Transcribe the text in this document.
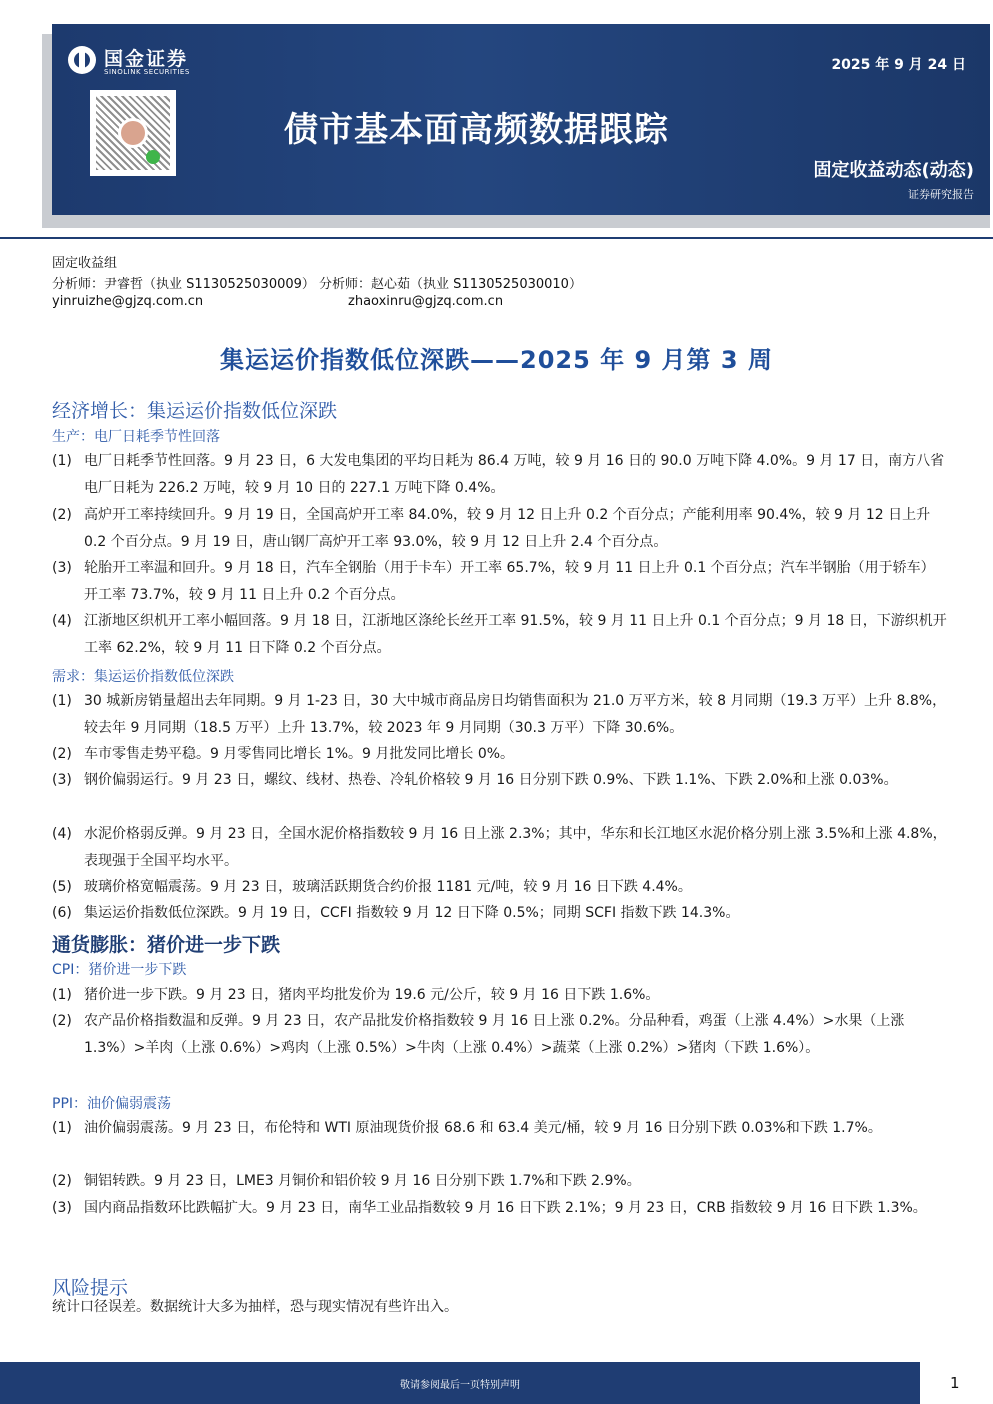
国金证券
SINOLINK SECURITIES	2025 年 9 月 24 日
债市基本面高频数据跟踪
固定收益动态(动态)
证券研究报告
固定收益组
分析师：尹睿哲（执业 S1130525030009） 分析师：赵心茹（执业 S1130525030010）
yinruizhe@gjzq.com.cn	zhaoxinru@gjzq.com.cn
集运运价指数低位深跌——2025 年 9 月第 3 周
经济增长：集运运价指数低位深跌
生产：电厂日耗季节性回落
(1) 电厂日耗季节性回落。9 月 23 日，6 大发电集团的平均日耗为 86.4 万吨，较 9 月 16 日的 90.0 万吨下降 4.0%。9 月 17 日，南方八省电厂日耗为 226.2 万吨，较 9 月 10 日的 227.1 万吨下降 0.4%。
(2) 高炉开工率持续回升。9 月 19 日，全国高炉开工率 84.0%，较 9 月 12 日上升 0.2 个百分点；产能利用率 90.4%，较 9 月 12 日上升 0.2 个百分点。9 月 19 日，唐山钢厂高炉开工率 93.0%，较 9 月 12 日上升 2.4 个百分点。
(3) 轮胎开工率温和回升。9 月 18 日，汽车全钢胎（用于卡车）开工率 65.7%，较 9 月 11 日上升 0.1 个百分点；汽车半钢胎（用于轿车）开工率 73.7%，较 9 月 11 日上升 0.2 个百分点。
(4) 江浙地区织机开工率小幅回落。9 月 18 日，江浙地区涤纶长丝开工率 91.5%，较 9 月 11 日上升 0.1 个百分点；9 月 18 日，下游织机开工率 62.2%，较 9 月 11 日下降 0.2 个百分点。
需求：集运运价指数低位深跌
(1) 30 城新房销量超出去年同期。9 月 1-23 日，30 大中城市商品房日均销售面积为 21.0 万平方米，较 8 月同期（19.3 万平）上升 8.8%，较去年 9 月同期（18.5 万平）上升 13.7%，较 2023 年 9 月同期（30.3 万平）下降 30.6%。
(2) 车市零售走势平稳。9 月零售同比增长 1%。9 月批发同比增长 0%。
(3) 钢价偏弱运行。9 月 23 日，螺纹、线材、热卷、冷轧价格较 9 月 16 日分别下跌 0.9%、下跌 1.1%、下跌 2.0%和上涨 0.03%。
(4) 水泥价格弱反弹。9 月 23 日，全国水泥价格指数较 9 月 16 日上涨 2.3%；其中，华东和长江地区水泥价格分别上涨 3.5%和上涨 4.8%，表现强于全国平均水平。
(5) 玻璃价格宽幅震荡。9 月 23 日，玻璃活跃期货合约价报 1181 元/吨，较 9 月 16 日下跌 4.4%。
(6) 集运运价指数低位深跌。9 月 19 日，CCFI 指数较 9 月 12 日下降 0.5%；同期 SCFI 指数下跌 14.3%。
通货膨胀：猪价进一步下跌
CPI：猪价进一步下跌
(1) 猪价进一步下跌。9 月 23 日，猪肉平均批发价为 19.6 元/公斤，较 9 月 16 日下跌 1.6%。
(2) 农产品价格指数温和反弹。9 月 23 日，农产品批发价格指数较 9 月 16 日上涨 0.2%。分品种看，鸡蛋（上涨 4.4%）>水果（上涨 1.3%）>羊肉（上涨 0.6%）>鸡肉（上涨 0.5%）>牛肉（上涨 0.4%）>蔬菜（上涨 0.2%）>猪肉（下跌 1.6%）。
PPI：油价偏弱震荡
(1) 油价偏弱震荡。9 月 23 日，布伦特和 WTI 原油现货价报 68.6 和 63.4 美元/桶，较 9 月 16 日分别下跌 0.03%和下跌 1.7%。
(2) 铜铝转跌。9 月 23 日，LME3 月铜价和铝价较 9 月 16 日分别下跌 1.7%和下跌 2.9%。
(3) 国内商品指数环比跌幅扩大。9 月 23 日，南华工业品指数较 9 月 16 日下跌 2.1%；9 月 23 日，CRB 指数较 9 月 16 日下跌 1.3%。
风险提示
统计口径误差。数据统计大多为抽样，恐与现实情况有些许出入。
敬请参阅最后一页特别声明	1
